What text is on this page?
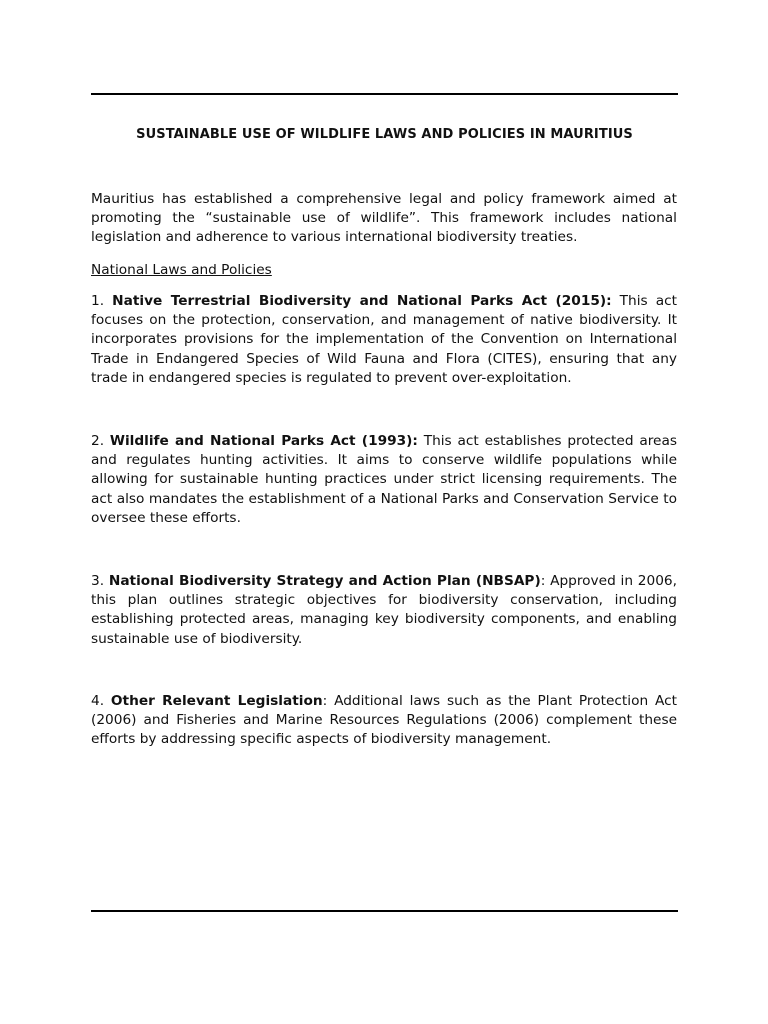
SUSTAINABLE USE OF WILDLIFE LAWS AND POLICIES IN MAURITIUS

Mauritius has established a comprehensive legal and policy framework aimed at promoting the “sustainable use of wildlife”. This framework includes national legislation and adherence to various international biodiversity treaties.

National Laws and Policies

1. Native Terrestrial Biodiversity and National Parks Act (2015): This act focuses on the protection, conservation, and management of native biodiversity. It incorporates provisions for the implementation of the Convention on International Trade in Endangered Species of Wild Fauna and Flora (CITES), ensuring that any trade in endangered species is regulated to prevent over-exploitation.

2. Wildlife and National Parks Act (1993): This act establishes protected areas and regulates hunting activities. It aims to conserve wildlife populations while allowing for sustainable hunting practices under strict licensing requirements. The act also mandates the establishment of a National Parks and Conservation Service to oversee these efforts.

3. National Biodiversity Strategy and Action Plan (NBSAP): Approved in 2006, this plan outlines strategic objectives for biodiversity conservation, including establishing protected areas, managing key biodiversity components, and enabling sustainable use of biodiversity.

4. Other Relevant Legislation: Additional laws such as the Plant Protection Act (2006) and Fisheries and Marine Resources Regulations (2006) complement these efforts by addressing specific aspects of biodiversity management.
